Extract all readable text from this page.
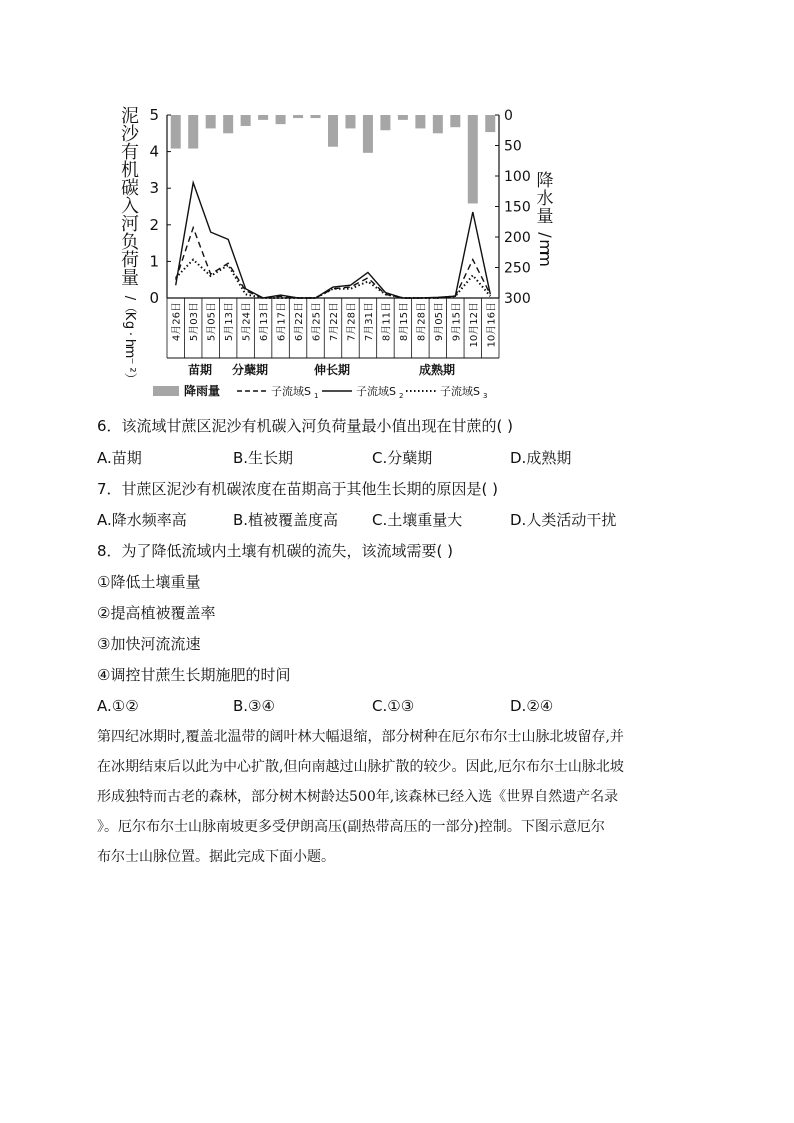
泥
沙
有
机
碳
入
河
负
荷
量
/
（
K
g
·
h
m
⁻
²
）
降
水
量
/
m
m
0
1
2
3
4
5	0
50
100
150
200
250
300
4月26日 5月03日 5月05日 5月13日 5月24日 6月13日 6月17日 6月22日 6月25日 7月22日 7月28日 7月31日 8月11日 8月15日 8月28日 9月05日 9月15日 10月12日 10月16日
苗期 分蘖期	伸长期	成熟期
降雨量	子流域S 1	子流域S 2	子流域S 3
6．该流域甘蔗区泥沙有机碳入河负荷量最小值出现在甘蔗的( )
A.苗期	B.生长期	C.分蘖期	D.成熟期
7．甘蔗区泥沙有机碳浓度在苗期高于其他生长期的原因是( )
A.降水频率高	B.植被覆盖度高 C.土壤重量大	D.人类活动干扰
8．为了降低流域内土壤有机碳的流失，该流域需要( )
①降低土壤重量
②提高植被覆盖率
③加快河流流速
④调控甘蔗生长期施肥的时间
A.①②	B.③④	C.①③	D.②④
第四纪冰期时,覆盖北温带的阔叶林大幅退缩，部分树种在厄尔布尔士山脉北坡留存,并
在冰期结束后以此为中心扩散,但向南越过山脉扩散的较少。因此,厄尔布尔士山脉北坡
形成独特而古老的森林，部分树木树龄达500年,该森林已经入选《世界自然遗产名录
》。厄尔布尔士山脉南坡更多受伊朗高压(副热带高压的一部分)控制。下图示意厄尔
布尔士山脉位置。据此完成下面小题。
